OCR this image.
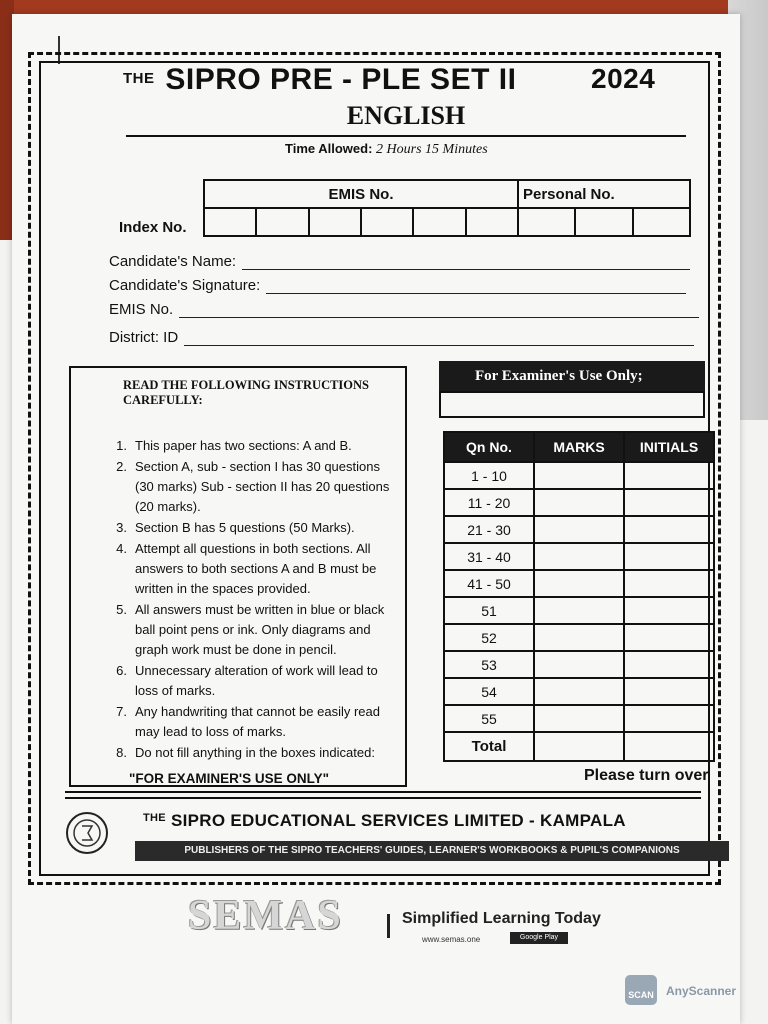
$^{THE}$ SIPRO PRE - PLE SET II	2024
ENGLISH
Time Allowed: 2 Hours 15 Minutes
Index No.
EMIS No.						Personal No.		

Candidate's Name:
Candidate's Signature:
EMIS No.
District: ID
READ THE FOLLOWING INSTRUCTIONS CAREFULLY:
1. This paper has two sections: A and B.
2. Section A, sub - section I has 30 questions (30 marks) Sub - section II has 20 questions (20 marks).
3. Section B has 5 questions (50 Marks).
4. Attempt all questions in both sections. All answers to both sections A and B must be written in the spaces provided.
5. All answers must be written in blue or black ball point pens or ink. Only diagrams and graph work must be done in pencil.
6. Unnecessary alteration of work will lead to loss of marks.
7. Any handwriting that cannot be easily read may lead to loss of marks.
8. Do not fill anything in the boxes indicated:
"FOR EXAMINER'S USE ONLY"
For Examiner's Use Only;
Qn No.	MARKS	INITIALS
1 - 10		
11 - 20		
21 - 30		
31 - 40		
41 - 50		
51		
52		
53		
54		
55		
Total		
Please turn over
$^{THE}$ SIPRO EDUCATIONAL SERVICES LIMITED - KAMPALA
PUBLISHERS OF THE SIPRO TEACHERS' GUIDES, LEARNER'S WORKBOOKS & PUPIL'S COMPANIONS
SEMAS	Simplified Learning Today
www.semas.one	Google Play
SCAN AnyScanner
